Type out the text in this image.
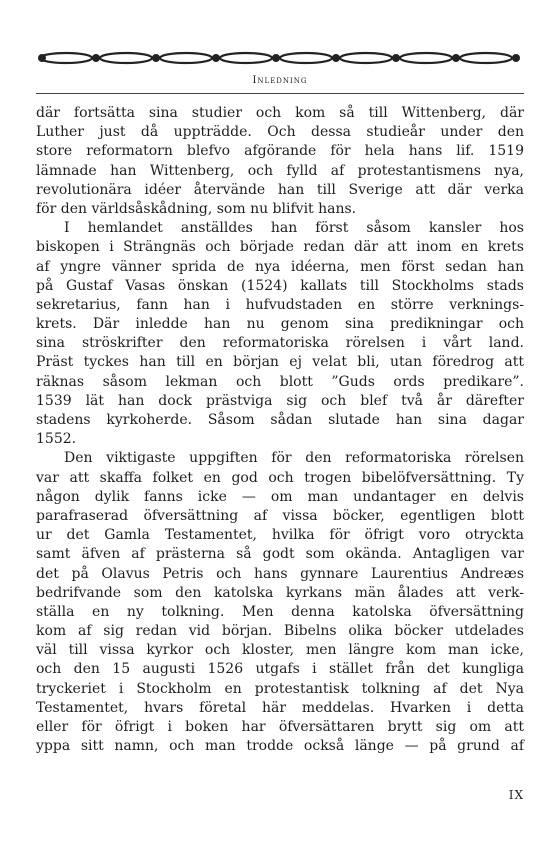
Inledning
där fortsätta sina studier och kom så till Wittenberg, där
Luther just då uppträdde. Och dessa studieår under den
store reformatorn blefvo afgörande för hela hans lif. 1519
lämnade han Wittenberg, och fylld af protestantismens nya,
revolutionära idéer återvände han till Sverige att där verka
för den världsåskådning, som nu blifvit hans.
I hemlandet anställdes han först såsom kansler hos
biskopen i Strängnäs och började redan där att inom en krets
af yngre vänner sprida de nya idéerna, men först sedan han
på Gustaf Vasas önskan (1524) kallats till Stockholms stads
sekretarius, fann han i hufvudstaden en större verknings-
krets. Där inledde han nu genom sina predikningar och
sina ströskrifter den reformatoriska rörelsen i vårt land.
Präst tyckes han till en början ej velat bli, utan föredrog att
räknas såsom lekman och blott ”Guds ords predikare”.
1539 lät han dock prästviga sig och blef två år därefter
stadens kyrkoherde. Såsom sådan slutade han sina dagar
1552.
Den viktigaste uppgiften för den reformatoriska rörelsen
var att skaffa folket en god och trogen bibelöfversättning. Ty
någon dylik fanns icke — om man undantager en delvis
parafraserad öfversättning af vissa böcker, egentligen blott
ur det Gamla Testamentet, hvilka för öfrigt voro otryckta
samt äfven af prästerna så godt som okända. Antagligen var
det på Olavus Petris och hans gynnare Laurentius Andreæs
bedrifvande som den katolska kyrkans män ålades att verk-
ställa en ny tolkning. Men denna katolska öfversättning
kom af sig redan vid början. Bibelns olika böcker utdelades
väl till vissa kyrkor och kloster, men längre kom man icke,
och den 15 augusti 1526 utgafs i stället från det kungliga
tryckeriet i Stockholm en protestantisk tolkning af det Nya
Testamentet, hvars företal här meddelas. Hvarken i detta
eller för öfrigt i boken har öfversättaren brytt sig om att
yppa sitt namn, och man trodde också länge — på grund af
IX
